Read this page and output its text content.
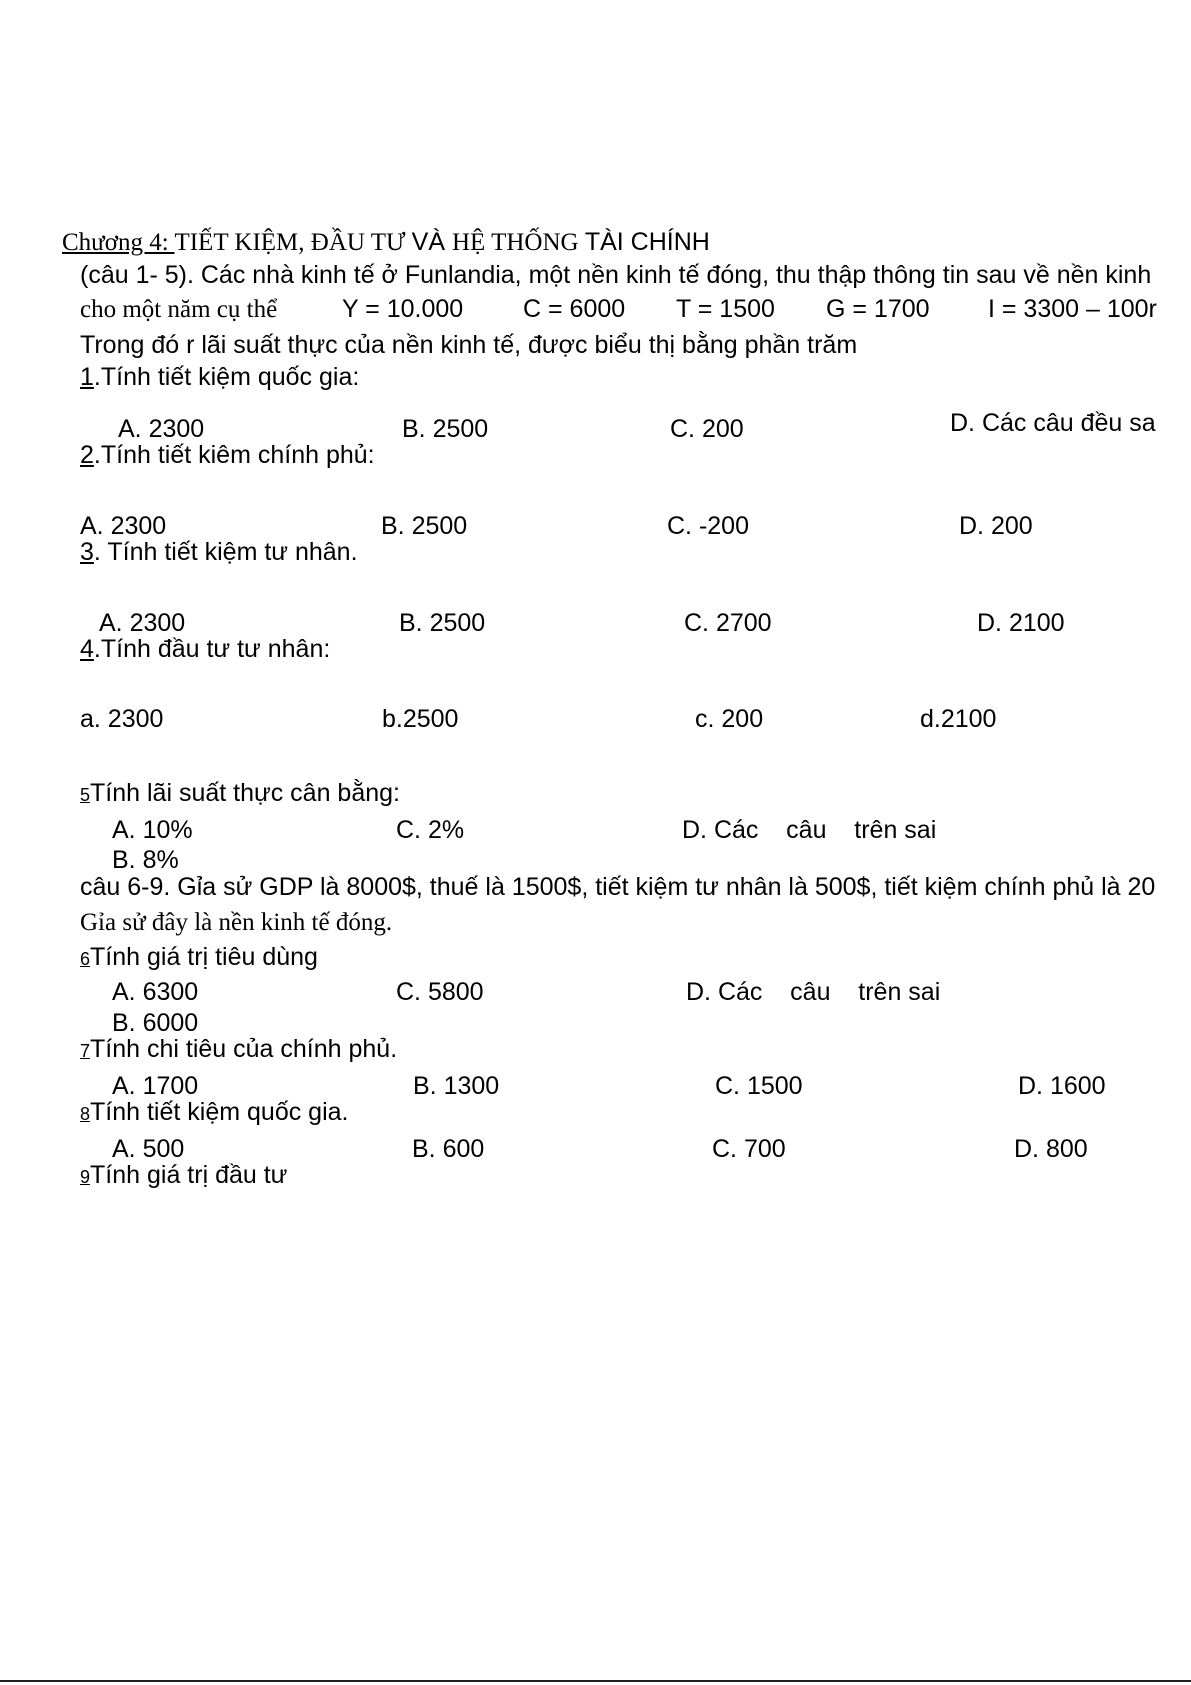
Chương 4: TIẾT KIỆM, ĐẦU TƯ VÀ HỆ THỐNG TÀI CHÍNH
(câu 1- 5). Các nhà kinh tế ở Funlandia, một nền kinh tế đóng, thu thập thông tin sau về nền kinh
cho một năm cụ thể	Y = 10.000 C = 6000 T = 1500 G = 1700 I = 3300 – 100r
Trong đó r lãi suất thực của nền kinh tế, được biểu thị bằng phần trăm
1.Tính tiết kiệm quốc gia:
A. 2300	B. 2500	C. 200	D. Các câu đều sa
2.Tính tiết kiêm chính phủ:
A. 2300	B. 2500	C. -200	D. 200
3. Tính tiết kiệm tư nhân.
A. 2300	B. 2500	C. 2700	D. 2100
4.Tính đầu tư tư nhân:
a. 2300	b.2500	c. 200	d.2100
5Tính lãi suất thực cân bằng:
A. 10%	C. 2%	D. Các    câu    trên sai
B. 8%
câu 6-9. Gỉa sử GDP là 8000$, thuế là 1500$, tiết kiệm tư nhân là 500$, tiết kiệm chính phủ là 20
Gỉa sử đây là nền kinh tế đóng.
6Tính giá trị tiêu dùng
A. 6300	C. 5800	D. Các    câu    trên sai
B. 6000
7Tính chi tiêu của chính phủ.
A. 1700	B. 1300	C. 1500	D. 1600
8Tính tiết kiệm quốc gia.
A. 500	B. 600	C. 700	D. 800
9Tính giá trị đầu tư
